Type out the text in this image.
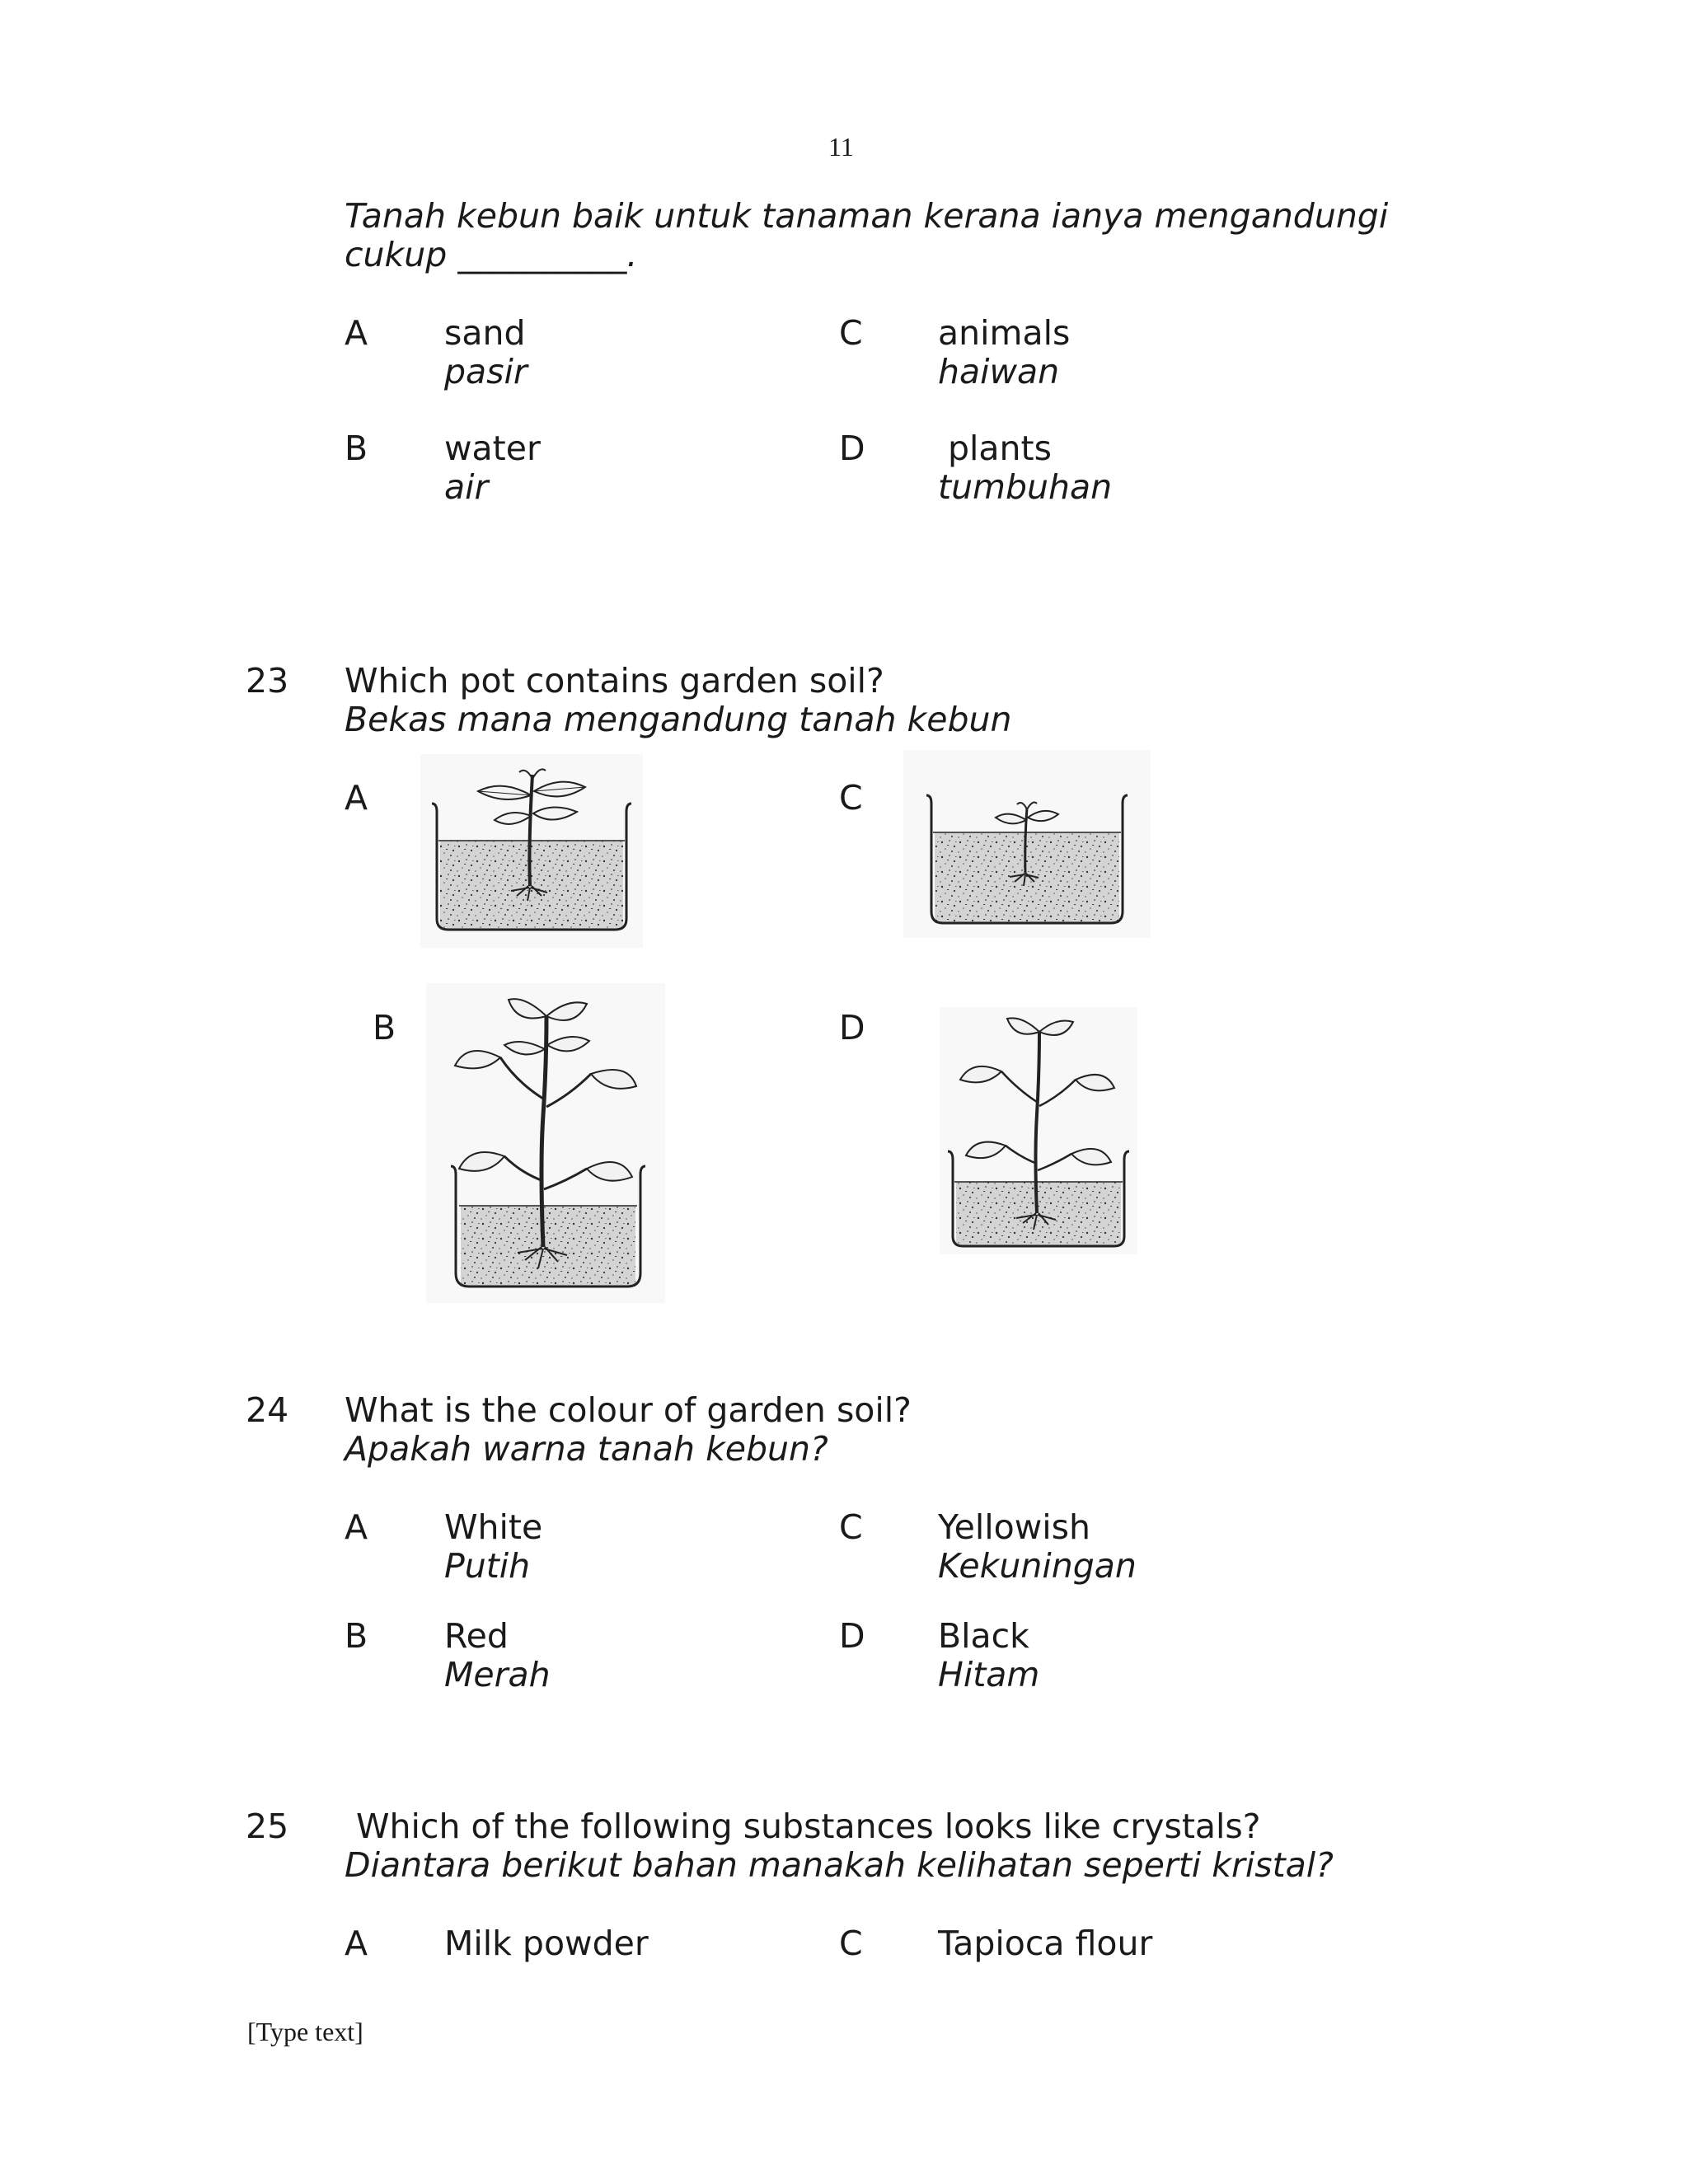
11
Tanah kebun baik untuk tanaman kerana ianya mengandungi
cukup __________.
A sand
pasir
C animals
haiwan
B water
air
D plants
tumbuhan
23 Which pot contains garden soil?
Bekas mana mengandung tanah kebun
A	C
B	D
24 What is the colour of garden soil?
Apakah warna tanah kebun?
A White
Putih
C Yellowish
Kekuningan
B Red
Merah
D Black
Hitam
25 Which of the following substances looks like crystals?
Diantara berikut bahan manakah kelihatan seperti kristal?
A Milk powder	C Tapioca flour
[Type text]
